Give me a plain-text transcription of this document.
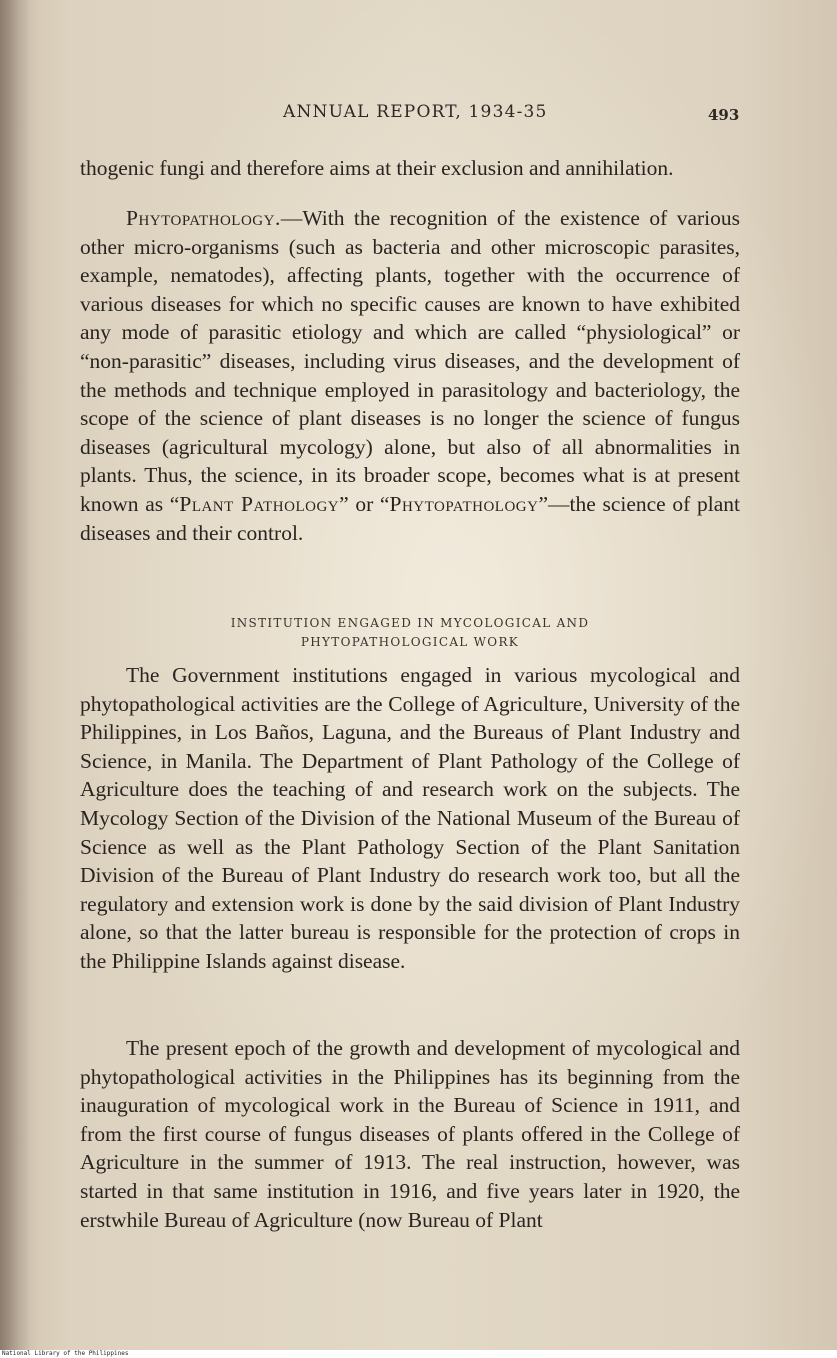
ANNUAL REPORT, 1934-35	493

thogenic fungi and therefore aims at their exclusion and annihilation.

Phytopathology.—With the recognition of the existence of various other micro-organisms (such as bacteria and other microscopic parasites, example, nematodes), affecting plants, together with the occurrence of various diseases for which no specific causes are known to have exhibited any mode of parasitic etiology and which are called “physiological” or “non-parasitic” diseases, including virus diseases, and the development of the methods and technique employed in parasitology and bacteriology, the scope of the science of plant diseases is no longer the science of fungus diseases (agricultural mycology) alone, but also of all abnormalities in plants. Thus, the science, in its broader scope, becomes what is at present known as “Plant Pathology” or “Phytopathology”—the science of plant diseases and their control.

INSTITUTION ENGAGED IN MYCOLOGICAL AND
PHYTOPATHOLOGICAL WORK

The Government institutions engaged in various mycological and phytopathological activities are the College of Agriculture, University of the Philippines, in Los Baños, Laguna, and the Bureaus of Plant Industry and Science, in Manila. The Department of Plant Pathology of the College of Agriculture does the teaching of and research work on the subjects. The Mycology Section of the Division of the National Museum of the Bureau of Science as well as the Plant Pathology Section of the Plant Sanitation Division of the Bureau of Plant Industry do research work too, but all the regulatory and extension work is done by the said division of Plant Industry alone, so that the latter bureau is responsible for the protection of crops in the Philippine Islands against disease.

The present epoch of the growth and development of mycological and phytopathological activities in the Philippines has its beginning from the inauguration of mycological work in the Bureau of Science in 1911, and from the first course of fungus diseases of plants offered in the College of Agriculture in the summer of 1913. The real instruction, however, was started in that same institution in 1916, and five years later in 1920, the erstwhile Bureau of Agriculture (now Bureau of Plant

National Library of the Philippines
